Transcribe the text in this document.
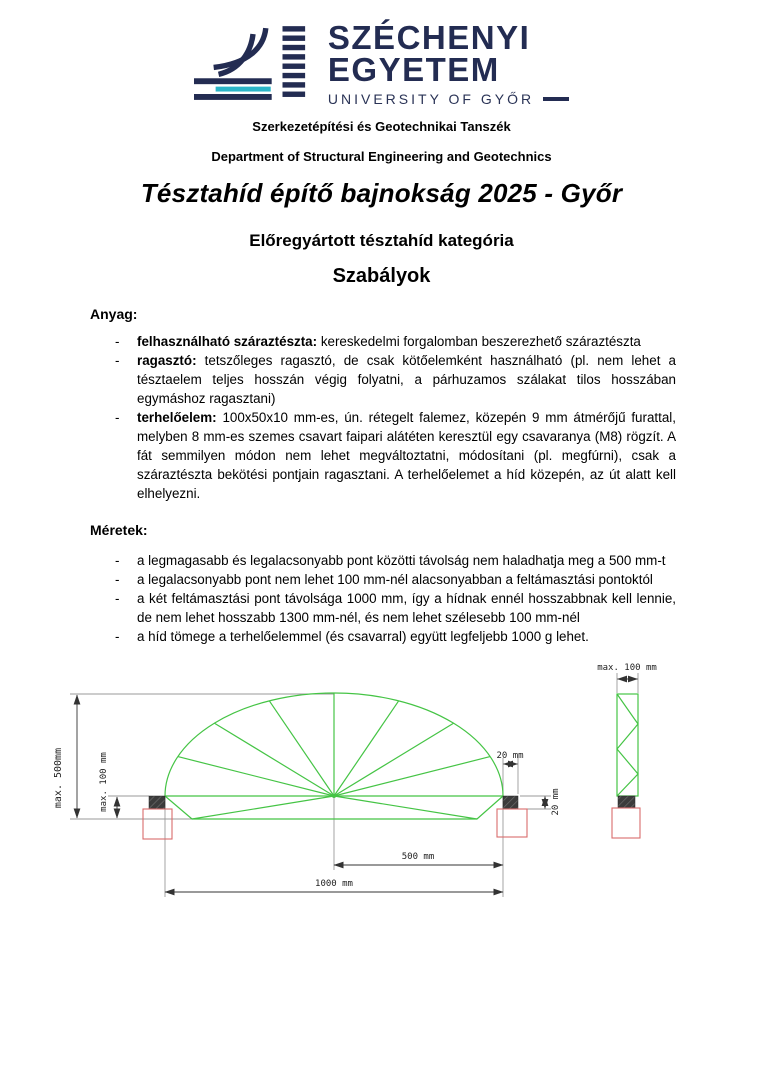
SZÉCHENYI
EGYETEM
UNIVERSITY OF GYŐR
Szerkezetépítési és Geotechnikai Tanszék
Department of Structural Engineering and Geotechnics
Tésztahíd építő bajnokság 2025 - Győr
Előregyártott tésztahíd kategória
Szabályok
Anyag:
-	felhasználható száraztészta: kereskedelmi forgalomban beszerezhető száraztészta
-	ragasztó: tetszőleges ragasztó, de csak kötőelemként használható (pl. nem lehet a tésztaelem teljes hosszán végig folyatni, a párhuzamos szálakat tilos hosszában egymáshoz ragasztani)
-	terhelőelem: 100x50x10 mm-es, ún. rétegelt falemez, közepén 9 mm átmérőjű furattal, melyben 8 mm-es szemes csavart faipari alátéten keresztül egy csavaranya (M8) rögzít. A fát semmilyen módon nem lehet megváltoztatni, módosítani (pl. megfúrni), csak a száraztészta bekötési pontjain ragasztani. A terhelőelemet a híd közepén, az út alatt kell elhelyezni.
Méretek:
-	a legmagasabb és legalacsonyabb pont közötti távolság nem haladhatja meg a 500 mm-t
-	a legalacsonyabb pont nem lehet 100 mm-nél alacsonyabban a feltámasztási pontoktól
-	a két feltámasztási pont távolsága 1000 mm, így a hídnak ennél hosszabbnak kell lennie, de nem lehet hosszabb 1300 mm-nél, és nem lehet szélesebb 100 mm-nél
-	a híd tömege a terhelőelemmel (és csavarral) együtt legfeljebb 1000 g lehet.
max. 500mm	max. 100 mm	20 mm
20 mm
500 mm
1000 mm
max. 100 mm
